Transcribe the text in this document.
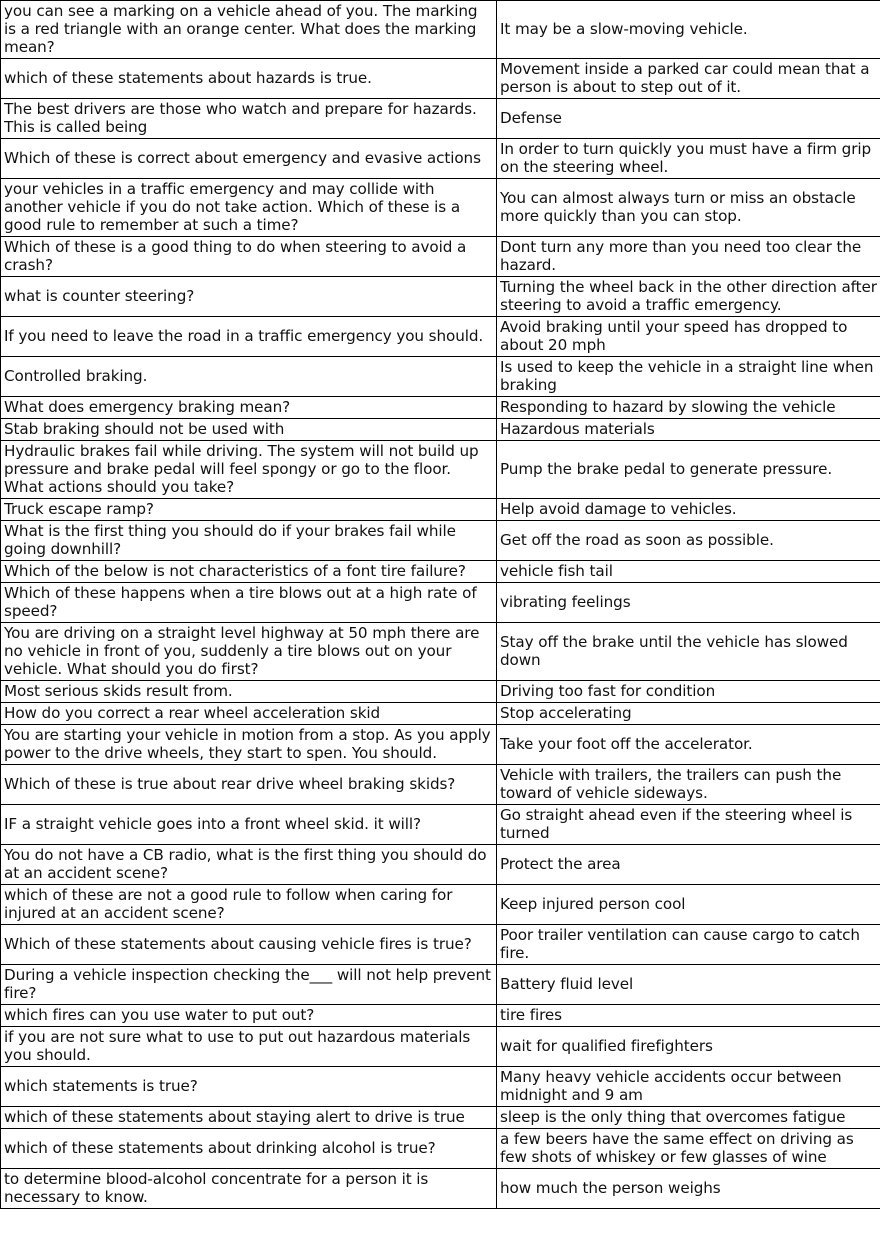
you can see a marking on a vehicle ahead of you. The marking is a red triangle with an orange center. What does the marking mean?	It may be a slow-moving vehicle.
which of these statements about hazards is true.	Movement inside a parked car could mean that a person is about to step out of it.
The best drivers are those who watch and prepare for hazards. This is called being	Defense
Which of these is correct about emergency and evasive actions	In order to turn quickly you must have a firm grip on the steering wheel.
your vehicles in a traffic emergency and may collide with another vehicle if you do not take action. Which of these is a good rule to remember at such a time?	You can almost always turn or miss an obstacle more quickly than you can stop.
Which of these is a good thing to do when steering to avoid a crash?	Dont turn any more than you need too clear the hazard.
what is counter steering?	Turning the wheel back in the other direction after steering to avoid a traffic emergency.
If you need to leave the road in a traffic emergency you should.	Avoid braking until your speed has dropped to about 20 mph
Controlled braking.	Is used to keep the vehicle in a straight line when braking
What does emergency braking mean?	Responding to hazard by slowing the vehicle
Stab braking should not be used with	Hazardous materials
Hydraulic brakes fail while driving. The system will not build up pressure and brake pedal will feel spongy or go to the floor. What actions should you take?	Pump the brake pedal to generate pressure.
Truck escape ramp?	Help avoid damage to vehicles.
What is the first thing you should do if your brakes fail while going downhill?	Get off the road as soon as possible.
Which of the below is not characteristics of a font tire failure?	vehicle fish tail
Which of these happens when a tire blows out at a high rate of speed?	vibrating feelings
You are driving on a straight level highway at 50 mph there are no vehicle in front of you, suddenly a tire blows out on your vehicle. What should you do first?	Stay off the brake until the vehicle has slowed down
Most serious skids result from.	Driving too fast for condition
How do you correct a rear wheel acceleration skid	Stop accelerating
You are starting your vehicle in motion from a stop. As you apply power to the drive wheels, they start to spen. You should.	Take your foot off the accelerator.
Which of these is true about rear drive wheel braking skids?	Vehicle with trailers, the trailers can push the toward of vehicle sideways.
IF a straight vehicle goes into a front wheel skid. it will?	Go straight ahead even if the steering wheel is turned
You do not have a CB radio, what is the first thing you should do at an accident scene?	Protect the area
which of these are not a good rule to follow when caring for injured at an accident scene?	Keep injured person cool
Which of these statements about causing vehicle fires is true?	Poor trailer ventilation can cause cargo to catch fire.
During a vehicle inspection checking the___ will not help prevent fire?	Battery fluid level
which fires can you use water to put out?	tire fires
if you are not sure what to use to put out hazardous materials you should.	wait for qualified firefighters
which statements is true?	Many heavy vehicle accidents occur between midnight and 9 am
which of these statements about staying alert to drive is true	sleep is the only thing that overcomes fatigue
which of these statements about drinking alcohol is true?	a few beers have the same effect on driving as few shots of whiskey or few glasses of wine
to determine blood-alcohol concentrate for a person it is necessary to know.	how much the person weighs
